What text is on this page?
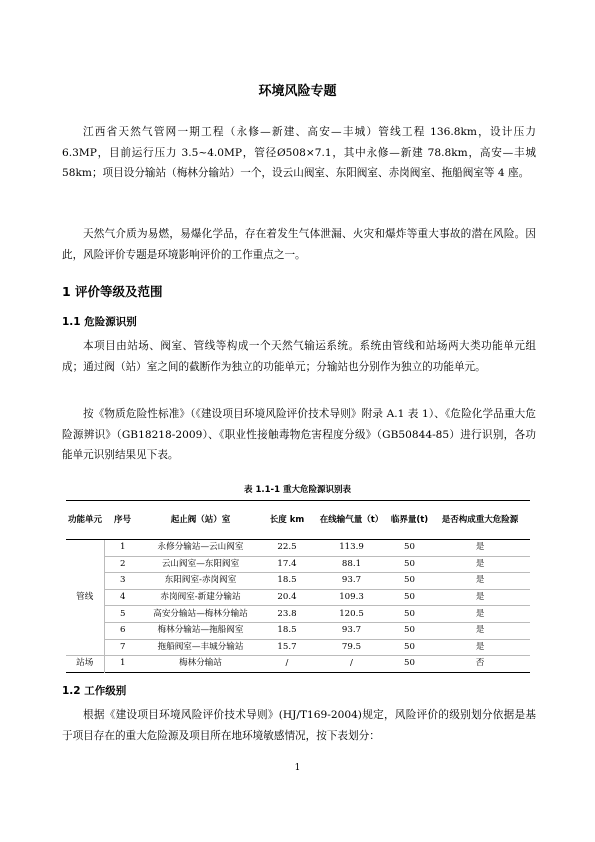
环境风险专题

江西省天然气管网一期工程（永修—新建、高安—丰城）管线工程 136.8km，设计压力 6.3MP，目前运行压力 3.5~4.0MP，管径Ø508×7.1，其中永修—新建 78.8km，高安—丰城 58km；项目设分输站（梅林分输站）一个，设云山阀室、东阳阀室、赤岗阀室、拖船阀室等 4 座。

天然气介质为易燃，易爆化学品，存在着发生气体泄漏、火灾和爆炸等重大事故的潜在风险。因此，风险评价专题是环境影响评价的工作重点之一。

1 评价等级及范围
1.1 危险源识别

本项目由站场、阀室、管线等构成一个天然气输运系统。系统由管线和站场两大类功能单元组成；通过阀（站）室之间的截断作为独立的功能单元；分输站也分别作为独立的功能单元。

按《物质危险性标准》（《建设项目环境风险评价技术导则》附录 A.1 表 1）、《危险化学品重大危险源辨识》（GB18218-2009）、《职业性接触毒物危害程度分级》（GB50844-85）进行识别，各功能单元识别结果见下表。

表 1.1-1 重大危险源识别表
功能单元	序号	起止阀（站）室	长度 km	在线输气量（t）	临界量(t)	是否构成重大危险源
管线	1	永修分输站—云山阀室	22.5	113.9	50	是
	2	云山阀室—东阳阀室	17.4	88.1	50	是
	3	东阳阀室-赤岗阀室	18.5	93.7	50	是
	4	赤岗阀室-新建分输站	20.4	109.3	50	是
	5	高安分输站—梅林分输站	23.8	120.5	50	是
	6	梅林分输站—拖船阀室	18.5	93.7	50	是
	7	拖船阀室—丰城分输站	15.7	79.5	50	是
站场	1	梅林分输站	/	/	50	否
1.2 工作级别

根据《建设项目环境风险评价技术导则》(HJ/T169-2004)规定，风险评价的级别划分依据是基于项目存在的重大危险源及项目所在地环境敏感情况，按下表划分：

1
